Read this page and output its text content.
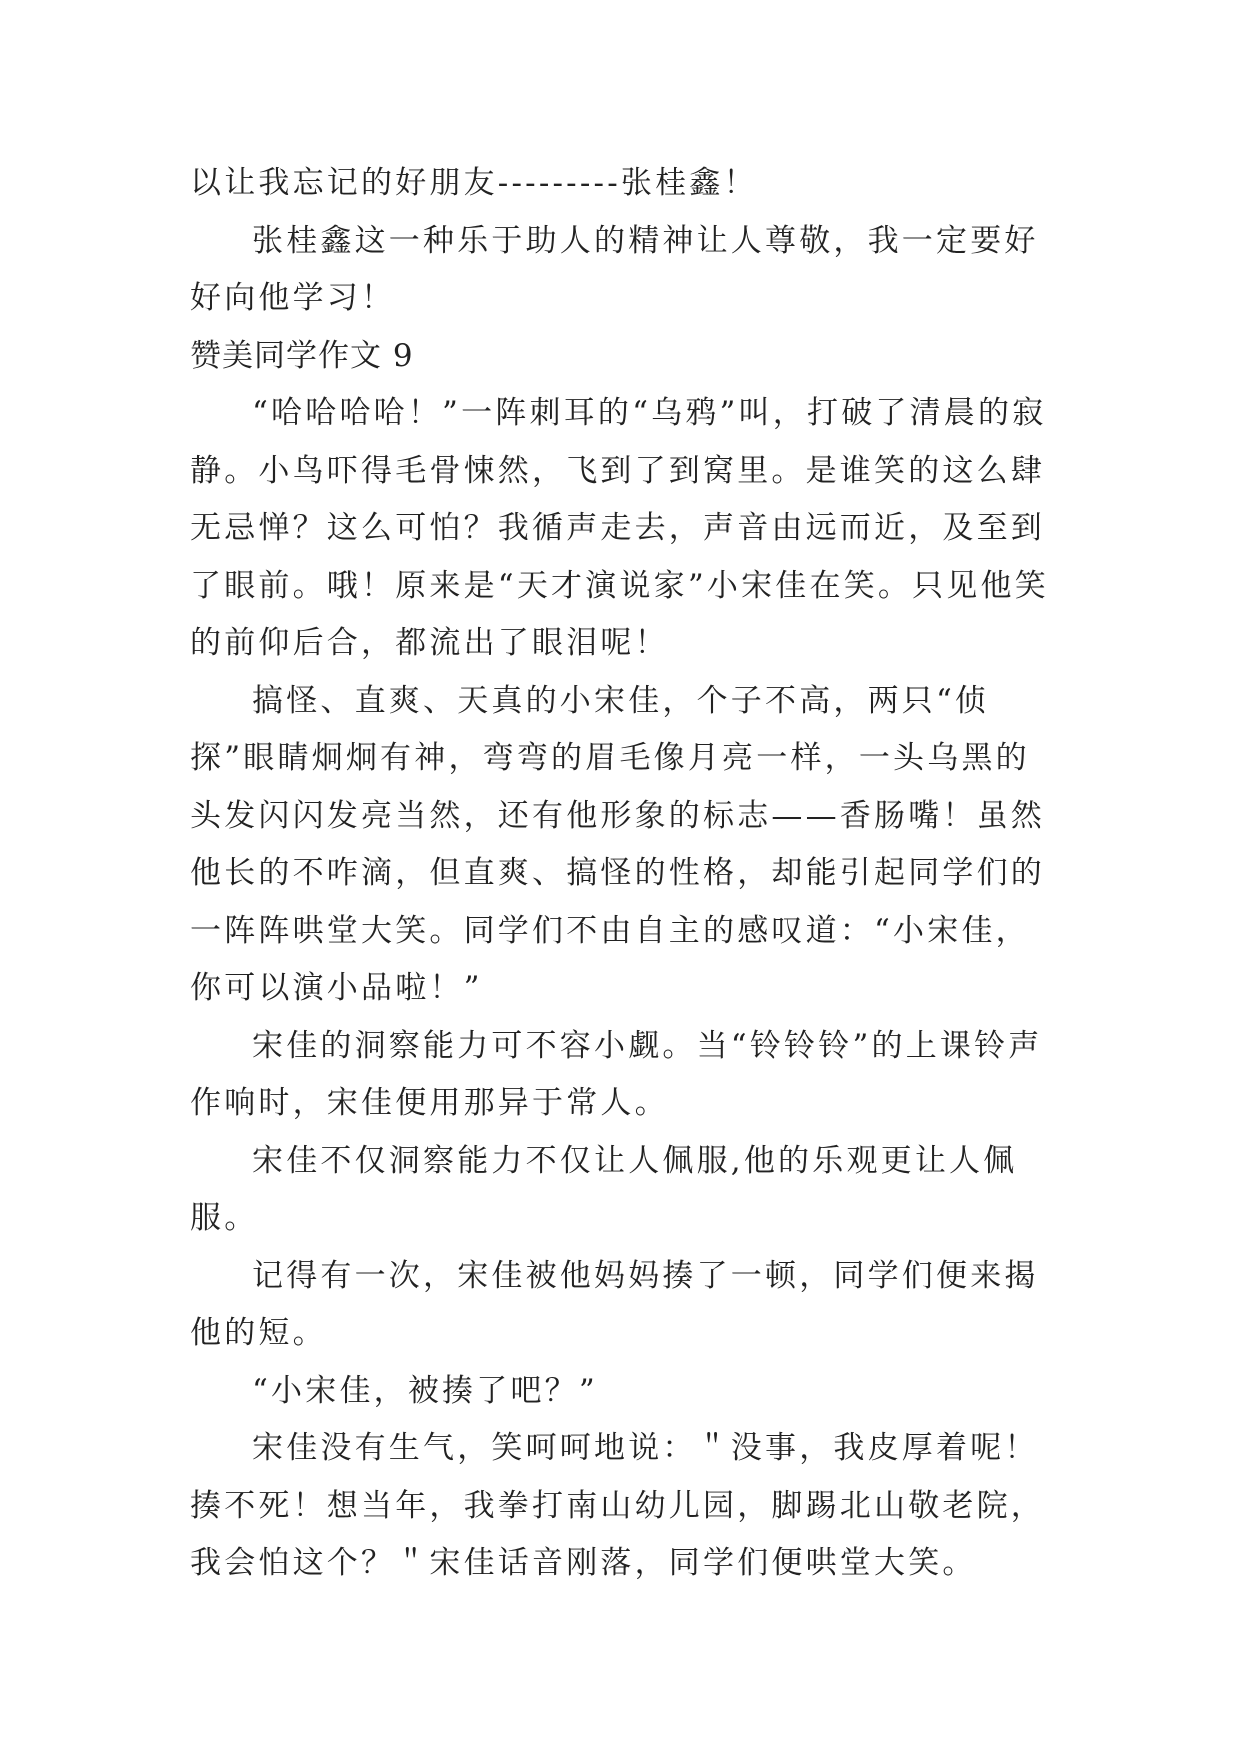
以让我忘记的好朋友---------张桂鑫！

张桂鑫这一种乐于助人的精神让人尊敬，我一定要好好向他学习！

赞美同学作文 9

“哈哈哈哈！”一阵刺耳的“乌鸦”叫，打破了清晨的寂静。小鸟吓得毛骨悚然，飞到了到窝里。是谁笑的这么肆无忌惮？这么可怕？我循声走去，声音由远而近，及至到了眼前。哦！原来是“天才演说家”小宋佳在笑。只见他笑的前仰后合，都流出了眼泪呢！

搞怪、直爽、天真的小宋佳，个子不高，两只“侦探”眼睛炯炯有神，弯弯的眉毛像月亮一样，一头乌黑的头发闪闪发亮当然，还有他形象的标志——香肠嘴！虽然他长的不咋滴，但直爽、搞怪的性格，却能引起同学们的一阵阵哄堂大笑。同学们不由自主的感叹道：“小宋佳，你可以演小品啦！”

宋佳的洞察能力可不容小觑。当“铃铃铃”的上课铃声作响时，宋佳便用那异于常人。

宋佳不仅洞察能力不仅让人佩服,他的乐观更让人佩服。

记得有一次，宋佳被他妈妈揍了一顿，同学们便来揭他的短。

“小宋佳，被揍了吧？”

宋佳没有生气，笑呵呵地说：＂没事，我皮厚着呢！揍不死！想当年，我拳打南山幼儿园，脚踢北山敬老院，我会怕这个？＂宋佳话音刚落，同学们便哄堂大笑。
